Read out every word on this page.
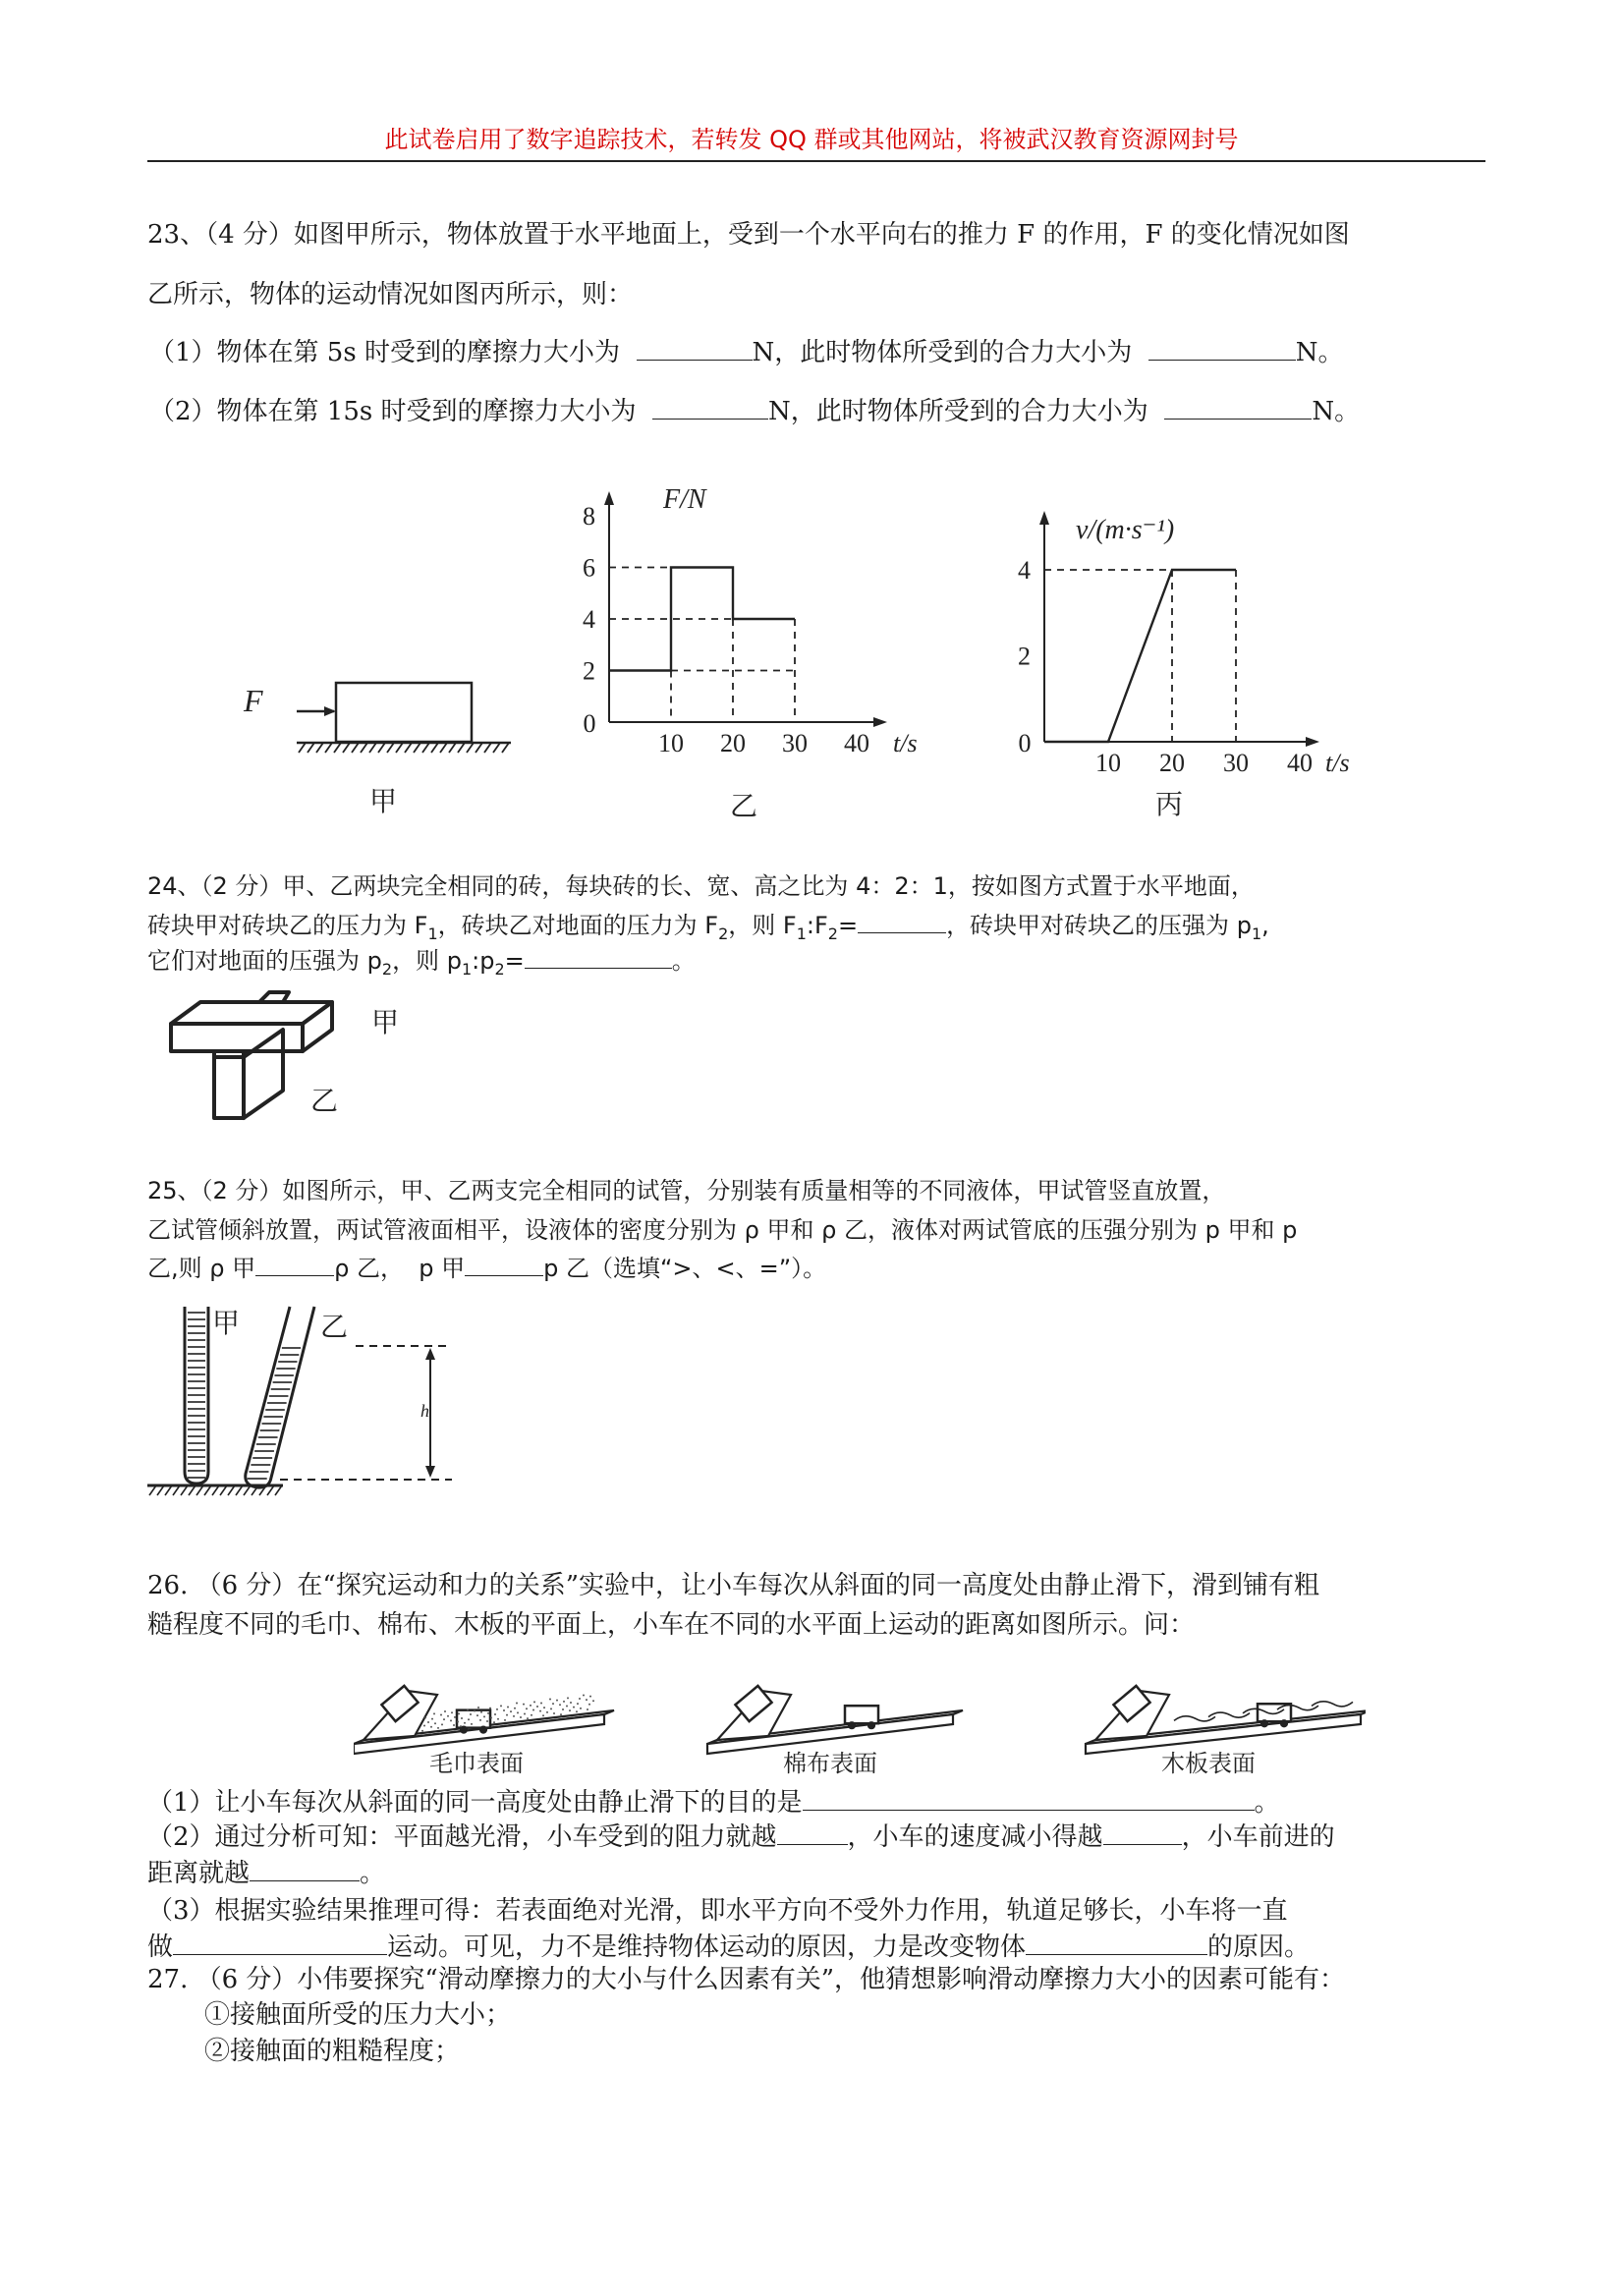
此试卷启用了数字追踪技术，若转发 QQ 群或其他网站，将被武汉教育资源网封号
23、（4 分）如图甲所示，物体放置于水平地面上，受到一个水平向右的推力 F 的作用，F 的变化情况如图
乙所示，物体的运动情况如图丙所示，则：
（1）物体在第 5s 时受到的摩擦力大小为	N，此时物体所受到的合力大小为	N。
（2）物体在第 15s 时受到的摩擦力大小为	N，此时物体所受到的合力大小为	N。
F
甲
0
10 20 30 40
2
4
6
8
t/s
F/N
乙
0
10 20 30 40
2
4
t/s
v/(m·s⁻¹)
丙
24、（2 分）甲、乙两块完全相同的砖，每块砖的长、宽、高之比为 4：2：1，按如图方式置于水平地面，
砖块甲对砖块乙的压力为 $F_1$，砖块乙对地面的压力为 $F_2$，则 $F_1:F_2=$	，砖块甲对砖块乙的压强为 $p_1$,
它们对地面的压强为 $p_2$，则 $p_1:p_2=$	。
甲
乙
25、（2 分）如图所示，甲、乙两支完全相同的试管，分别装有质量相等的不同液体，甲试管竖直放置，
乙试管倾斜放置，两试管液面相平，设液体的密度分别为 ρ 甲和 ρ 乙，液体对两试管底的压强分别为 p 甲和 p
乙,则 ρ 甲	ρ 乙，  p 甲	p 乙（选填“>、<、=”）。
h
甲	乙
26. （6 分）在“探究运动和力的关系”实验中，让小车每次从斜面的同一高度处由静止滑下，滑到铺有粗
糙程度不同的毛巾、棉布、木板的平面上，小车在不同的水平面上运动的距离如图所示。问：
毛巾表面	棉布表面	木板表面
（1）让小车每次从斜面的同一高度处由静止滑下的目的是	。
（2）通过分析可知：平面越光滑，小车受到的阻力就越	，小车的速度减小得越	，小车前进的
距离就越	。
（3）根据实验结果推理可得：若表面绝对光滑，即水平方向不受外力作用，轨道足够长，小车将一直
做	运动。可见，力不是维持物体运动的原因，力是改变物体	的原因。
27. （6 分）小伟要探究“滑动摩擦力的大小与什么因素有关”，他猜想影响滑动摩擦力大小的因素可能有：
①接触面所受的压力大小；
②接触面的粗糙程度；
